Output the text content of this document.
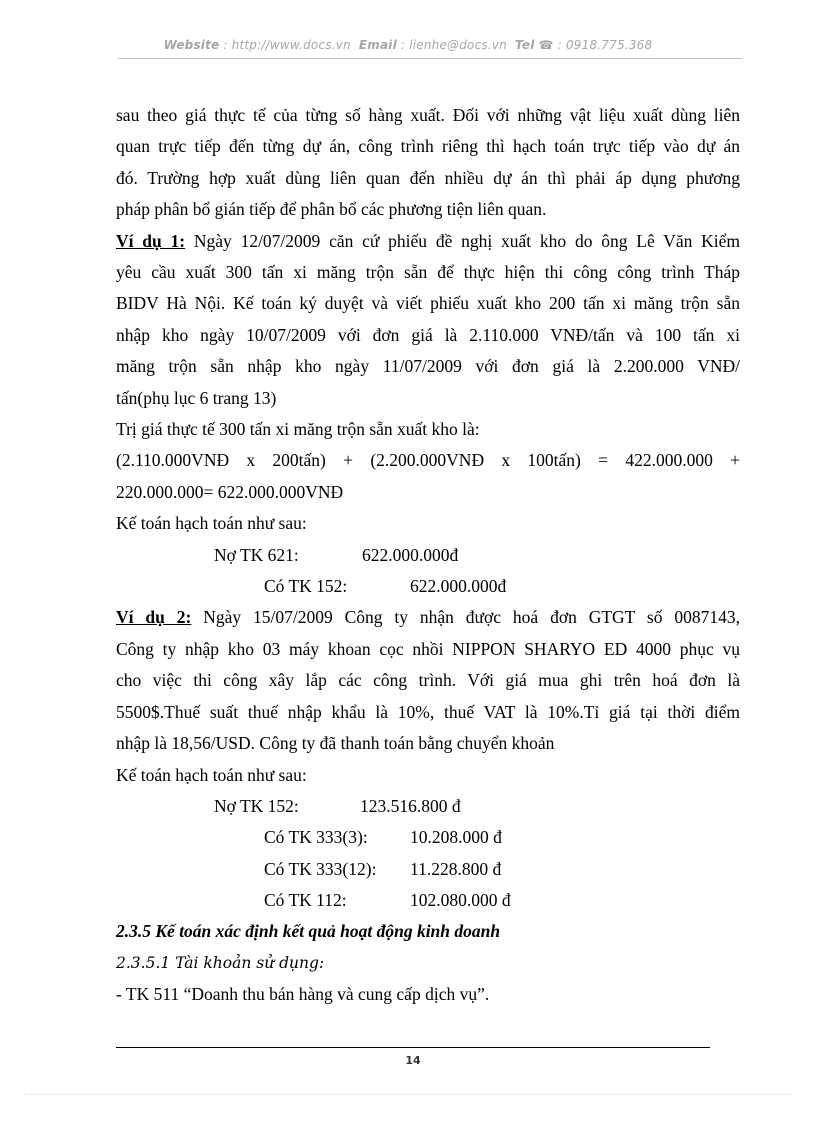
Website : http://www.docs.vn Email : lienhe@docs.vn Tel ☎ : 0918.775.368

sau theo giá thực tế của từng số hàng xuất. Đối với những vật liệu xuất dùng liên

quan trực tiếp đến từng dự án, công trình riêng thì hạch toán trực tiếp vào dự án

đó. Trường hợp xuất dùng liên quan đến nhiều dự án thì phải áp dụng phương

pháp phân bổ gián tiếp để phân bổ các phương tiện liên quan.

Ví dụ 1: Ngày 12/07/2009 căn cứ phiếu đề nghị xuất kho do ông Lê Văn Kiểm

yêu cầu xuất 300 tấn xi măng trộn sẵn để thực hiện thi công công trình Tháp

BIDV Hà Nội. Kế toán ký duyệt và viết phiếu xuất kho 200 tấn xi măng trộn sẵn

nhập kho ngày 10/07/2009 với đơn giá là 2.110.000 VNĐ/tấn và 100 tấn xi

măng trộn sẵn nhập kho ngày 11/07/2009 với đơn giá là 2.200.000 VNĐ/

tấn(phụ lục 6 trang 13)

Trị giá thực tế 300 tấn xi măng trộn sẵn xuất kho là:

(2.110.000VNĐ x 200tấn) + (2.200.000VNĐ x 100tấn) = 422.000.000 +

220.000.000= 622.000.000VNĐ

Kế toán hạch toán như sau:

Nợ TK 621:	622.000.000đ
Có TK 152:	622.000.000đ

Ví dụ 2: Ngày 15/07/2009 Công ty nhận được hoá đơn GTGT số 0087143,

Công ty nhập kho 03 máy khoan cọc nhồi NIPPON SHARYO ED 4000 phục vụ

cho việc thi công xây lắp các công trình. Với giá mua ghi trên hoá đơn là

5500$.Thuế suất thuế nhập khẩu là 10%, thuế VAT là 10%.Tỉ giá tại thời điểm

nhập là 18,56/USD. Công ty đã thanh toán bằng chuyển khoản

Kế toán hạch toán như sau:

Nợ TK 152:	123.516.800 đ
Có TK 333(3): 10.208.000 đ
Có TK 333(12): 11.228.800 đ
Có TK 112:	102.080.000 đ

2.3.5 Kế toán xác định kết quả hoạt động kinh doanh

2.3.5.1 Tài khoản sử dụng:

- TK 511 “Doanh thu bán hàng và cung cấp dịch vụ”.

14
